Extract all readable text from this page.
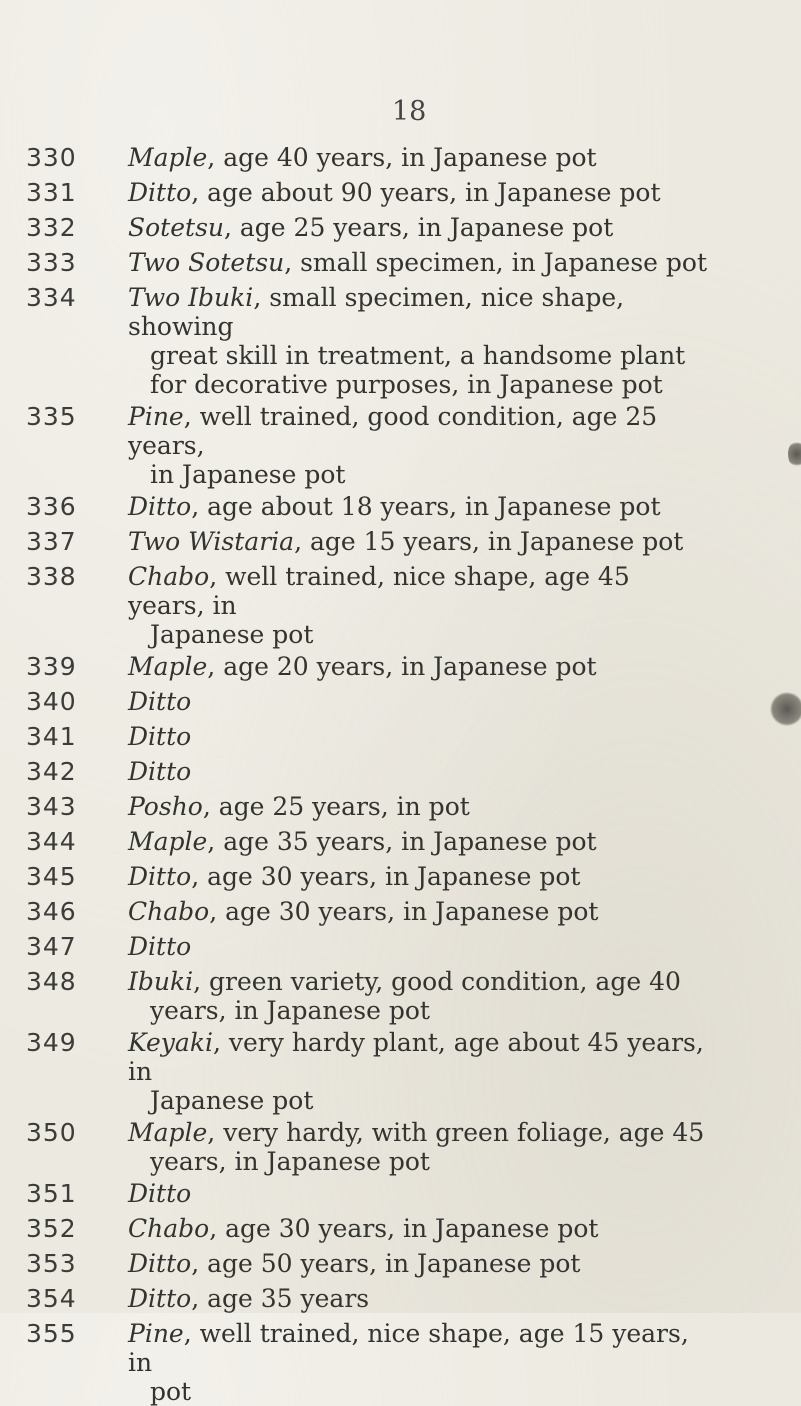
18
330	Maple, age 40 years, in Japanese pot
331	Ditto, age about 90 years, in Japanese pot
332	Sotetsu, age 25 years, in Japanese pot
333	Two Sotetsu, small specimen, in Japanese pot
334	Two Ibuki, small specimen, nice shape, showing
great skill in treatment, a handsome plant for decorative purposes, in Japanese pot
335	Pine, well trained, good condition, age 25 years,
in Japanese pot
336	Ditto, age about 18 years, in Japanese pot
337	Two Wistaria, age 15 years, in Japanese pot
338	Chabo, well trained, nice shape, age 45 years, in
Japanese pot
339	Maple, age 20 years, in Japanese pot
340	Ditto
341	Ditto
342	Ditto
343	Posho, age 25 years, in pot
344	Maple, age 35 years, in Japanese pot
345	Ditto, age 30 years, in Japanese pot
346	Chabo, age 30 years, in Japanese pot
347	Ditto
348	Ibuki, green variety, good condition, age 40
years, in Japanese pot
349	Keyaki, very hardy plant, age about 45 years, in
Japanese pot
350	Maple, very hardy, with green foliage, age 45
years, in Japanese pot
351	Ditto
352	Chabo, age 30 years, in Japanese pot
353	Ditto, age 50 years, in Japanese pot
354	Ditto, age 35 years
355	Pine, well trained, nice shape, age 15 years, in
pot
